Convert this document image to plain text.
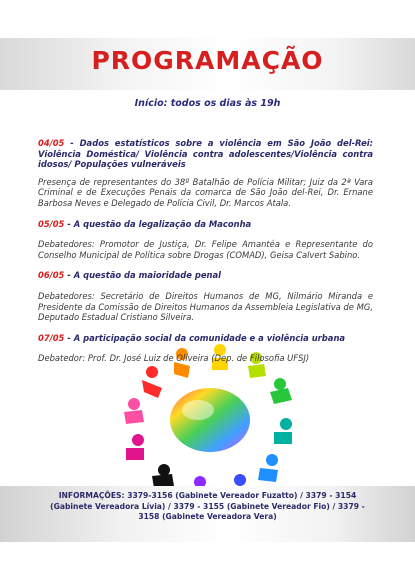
PROGRAMAÇÃO
Início: todos os dias às 19h

04/05 - Dados estatísticos sobre a violência em São João del-Rei: Violência Doméstica/ Violência contra adolescentes/Violência contra idosos/ Populações vulneráveis

Presença de representantes do 38º Batalhão de Polícia Militar; Juiz da 2ª Vara Criminal e de Execuções Penais da comarca de São João del-Rei, Dr. Ernane Barbosa Neves e Delegado de Polícia Civil, Dr. Marcos Atala.

05/05 - A questão da legalização da Maconha

Debatedores: Promotor de Justiça, Dr. Felipe Amantéa e Representante do Conselho Municipal de Política sobre Drogas (COMAD), Geisa Calvert Sabino.

06/05 - A questão da maioridade penal

Debatedores: Secretário de Direitos Humanos de MG, Nilmário Miranda e Presidente da Comissão de Direitos Humanos da Assembleia Legislativa de MG, Deputado Estadual Cristiano Silveira.

07/05 - A participação social da comunidade e a violência urbana

Debatedor: Prof. Dr. José Luiz de Oliveira (Dep. de Filosofia UFSJ)

INFORMAÇÕES: 3379-3156 (Gabinete Vereador Fuzatto) / 3379 - 3154 (Gabinete Vereadora Lívia) / 3379 - 3155 (Gabinete Vereador Fio) / 3379 - 3158 (Gabinete Vereadora Vera)
